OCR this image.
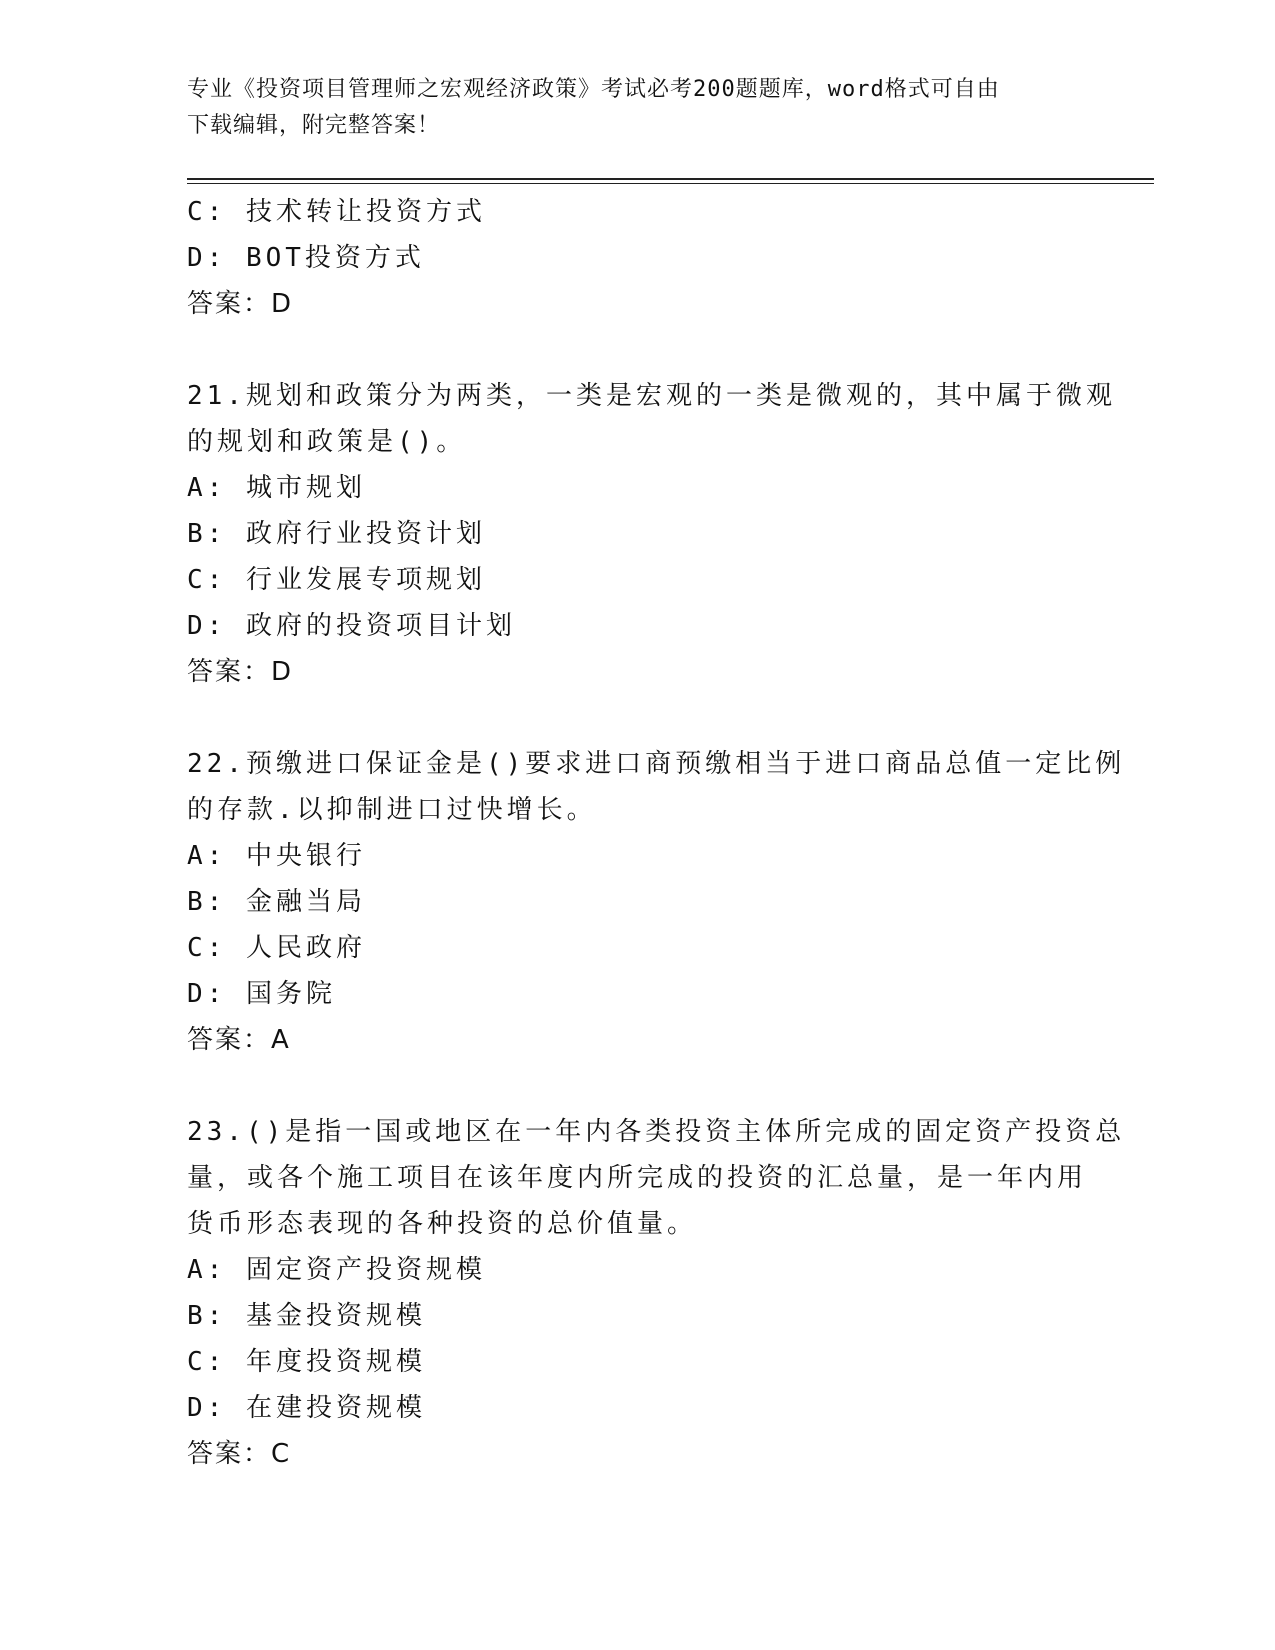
专业《投资项目管理师之宏观经济政策》考试必考200题题库，word格式可自由
下载编辑，附完整答案！
C: 技术转让投资方式
D: BOT投资方式
答案：D
21.规划和政策分为两类，一类是宏观的一类是微观的，其中属于微观
的规划和政策是()。
A: 城市规划
B: 政府行业投资计划
C: 行业发展专项规划
D: 政府的投资项目计划
答案：D
22.预缴进口保证金是()要求进口商预缴相当于进口商品总值一定比例
的存款.以抑制进口过快增长。
A: 中央银行
B: 金融当局
C: 人民政府
D: 国务院
答案：A
23.()是指一国或地区在一年内各类投资主体所完成的固定资产投资总
量，或各个施工项目在该年度内所完成的投资的汇总量，是一年内用
货币形态表现的各种投资的总价值量。
A: 固定资产投资规模
B: 基金投资规模
C: 年度投资规模
D: 在建投资规模
答案：C
